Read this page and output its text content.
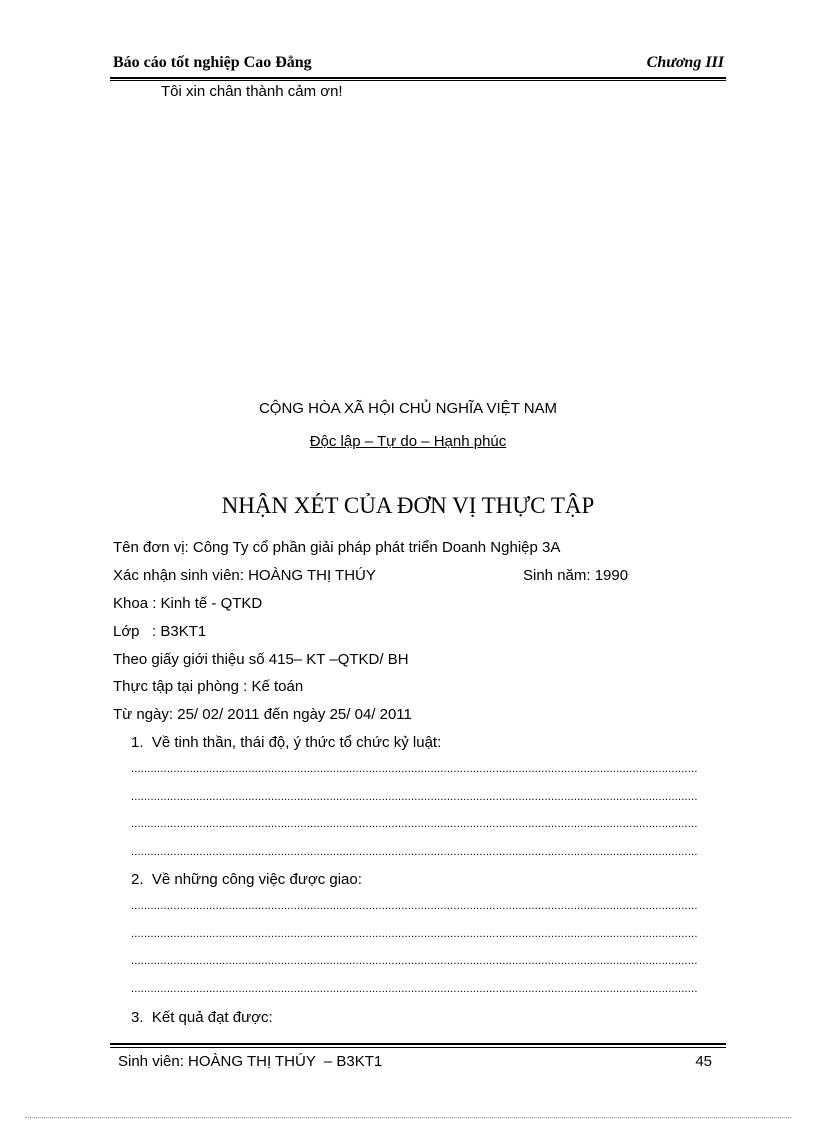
Báo cáo tốt nghiệp Cao Đẳng	Chương III
Tôi xin chân thành cảm ơn!
CỘNG HÒA XÃ HỘI CHỦ NGHĨA VIỆT NAM
Độc lập – Tự do – Hạnh phúc
NHẬN XÉT CỦA ĐƠN VỊ THỰC TẬP
Tên đơn vị: Công Ty cổ phần giải pháp phát triển Doanh Nghiệp 3A
Xác nhận sinh viên: HOÀNG THỊ THÚY	Sinh năm: 1990
Khoa : Kinh tế - QTKD
Lớp   : B3KT1
Theo giấy giới thiệu số 415– KT –QTKD/ BH
Thực tập tại phòng : Kế toán
Từ ngày: 25/ 02/ 2011 đến ngày 25/ 04/ 2011
1.  Về tinh thần, thái độ, ý thức tổ chức kỷ luật:
..............................................................................................................................................................................
..............................................................................................................................................................................
..............................................................................................................................................................................
..............................................................................................................................................................................
2.  Về những công việc được giao:
..............................................................................................................................................................................
..............................................................................................................................................................................
..............................................................................................................................................................................
..............................................................................................................................................................................
3.  Kết quả đạt được:
Sinh viên: HOÀNG THỊ THÚY  – B3KT1	45
